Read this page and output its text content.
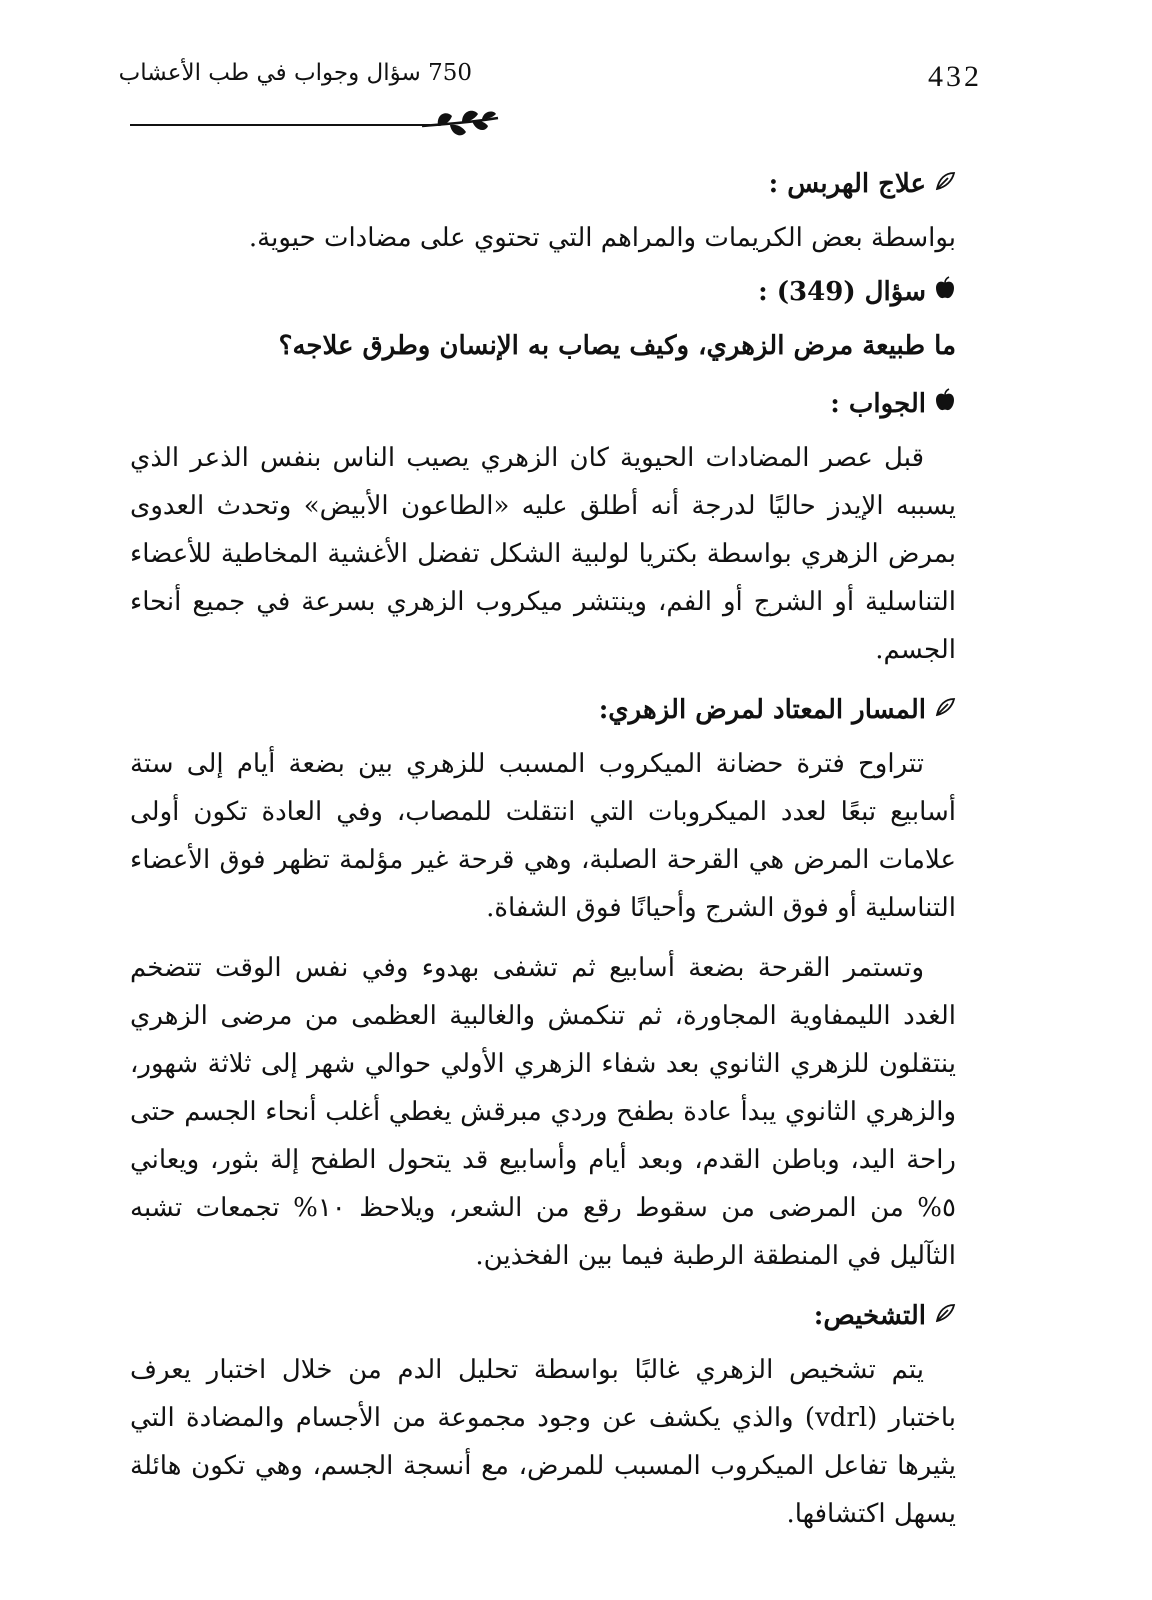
432
750 سؤال وجواب في طب الأعشاب
علاج الهربس :

بواسطة بعض الكريمات والمراهم التي تحتوي على مضادات حيوية.

سؤال (349) :

ما طبيعة مرض الزهري، وكيف يصاب به الإنسان وطرق علاجه؟

الجواب :

قبل عصر المضادات الحيوية كان الزهري يصيب الناس بنفس الذعر الذي يسببه الإيدز حاليًا لدرجة أنه أطلق عليه «الطاعون الأبيض» وتحدث العدوى بمرض الزهري بواسطة بكتريا لولبية الشكل تفضل الأغشية المخاطية للأعضاء التناسلية أو الشرج أو الفم، وينتشر ميكروب الزهري بسرعة في جميع أنحاء الجسم.

المسار المعتاد لمرض الزهري:

تتراوح فترة حضانة الميكروب المسبب للزهري بين بضعة أيام إلى ستة أسابيع تبعًا لعدد الميكروبات التي انتقلت للمصاب، وفي العادة تكون أولى علامات المرض هي القرحة الصلبة، وهي قرحة غير مؤلمة تظهر فوق الأعضاء التناسلية أو فوق الشرج وأحيانًا فوق الشفاة.

وتستمر القرحة بضعة أسابيع ثم تشفى بهدوء وفي نفس الوقت تتضخم الغدد الليمفاوية المجاورة، ثم تنكمش والغالبية العظمى من مرضى الزهري ينتقلون للزهري الثانوي بعد شفاء الزهري الأولي حوالي شهر إلى ثلاثة شهور، والزهري الثانوي يبدأ عادة بطفح وردي مبرقش يغطي أغلب أنحاء الجسم حتى راحة اليد، وباطن القدم، وبعد أيام وأسابيع قد يتحول الطفح إلة بثور، ويعاني ٥% من المرضى من سقوط رقع من الشعر، ويلاحظ ١٠% تجمعات تشبه الثآليل في المنطقة الرطبة فيما بين الفخذين.

التشخيص:

يتم تشخيص الزهري غالبًا بواسطة تحليل الدم من خلال اختبار يعرف باختبار (vdrl) والذي يكشف عن وجود مجموعة من الأجسام والمضادة التي يثيرها تفاعل الميكروب المسبب للمرض، مع أنسجة الجسم، وهي تكون هائلة يسهل اكتشافها.
